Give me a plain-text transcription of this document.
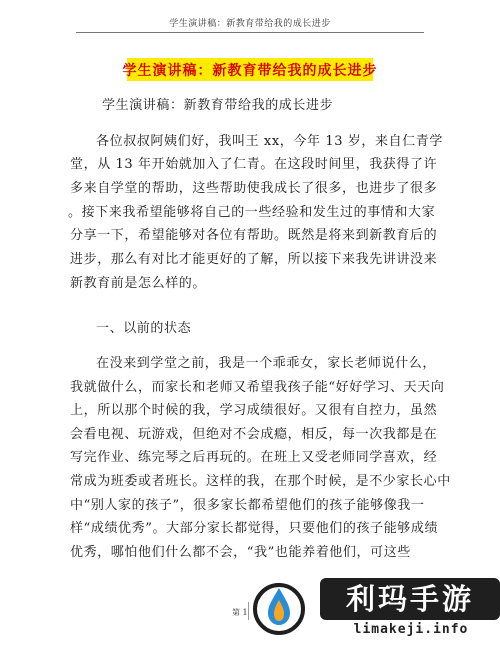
学生演讲稿：新教育带给我的成长进步
学生演讲稿：新教育带给我的成长进步
学生演讲稿：新教育带给我的成长进步
各位叔叔阿姨们好，我叫王 xx，今年 13 岁，来自仁青学
堂，从 13 年开始就加入了仁青。在这段时间里，我获得了许
多来自学堂的帮助，这些帮助使我成长了很多，也进步了很多
。接下来我希望能够将自己的一些经验和发生过的事情和大家
分享一下，希望能够对各位有帮助。既然是将来到新教育后的
进步，那么有对比才能更好的了解，所以接下来我先讲讲没来
新教育前是怎么样的。
一、以前的状态
在没来到学堂之前，我是一个乖乖女，家长老师说什么，
我就做什么，而家长和老师又希望我孩子能“好好学习、天天向
上，所以那个时候的我，学习成绩很好。又很有自控力，虽然
会看电视、玩游戏，但绝对不会成瘾，相反，每一次我都是在
写完作业、练完琴之后再玩的。在班上又受老师同学喜欢，经
常成为班委或者班长。这样的我，在那个时候，是不少家长心中
中“别人家的孩子”，很多家长都希望他们的孩子能够像我一
样“成绩优秀”。大部分家长都觉得，只要他们的孩子能够成绩
优秀，哪怕他们什么都不会，“我”也能养着他们，可这些
第 1	利玛手游
limakeji.info
